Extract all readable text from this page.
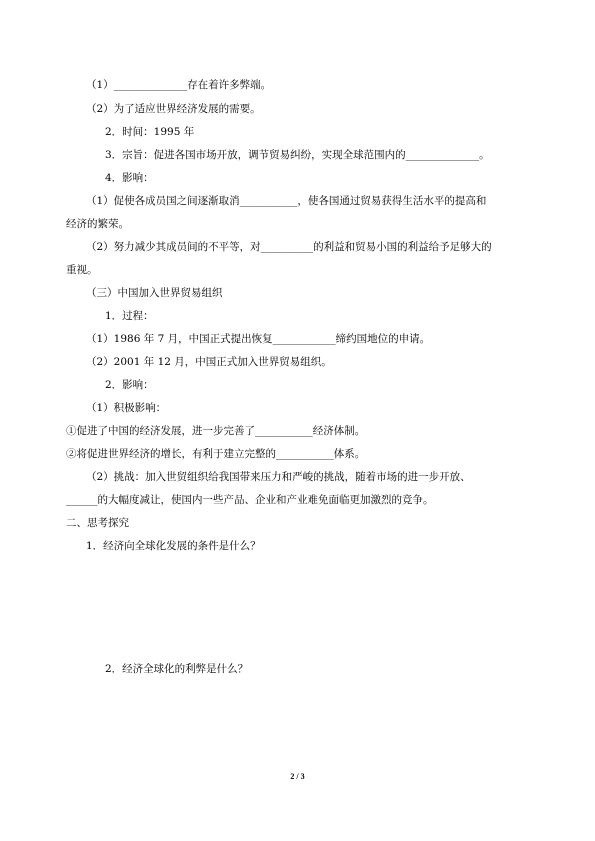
（1）______________存在着许多弊端。
（2）为了适应世界经济发展的需要。
2．时间：1995 年
3．宗旨：促进各国市场开放，调节贸易纠纷，实现全球范围内的______________。
4．影响：
（1）促使各成员国之间逐渐取消___________，使各国通过贸易获得生活水平的提高和
经济的繁荣。
（2）努力减少其成员间的不平等，对__________的利益和贸易小国的利益给予足够大的
重视。
（三）中国加入世界贸易组织
1．过程：
（1）1986 年 7 月，中国正式提出恢复____________缔约国地位的申请。
（2）2001 年 12 月，中国正式加入世界贸易组织。
2．影响：
（1）积极影响：
①促进了中国的经济发展，进一步完善了___________经济体制。
②将促进世界经济的增长，有利于建立完整的___________体系。
（2）挑战：加入世贸组织给我国带来压力和严峻的挑战，随着市场的进一步开放、
______的大幅度减让，使国内一些产品、企业和产业难免面临更加激烈的竞争。
二、思考探究
1．经济向全球化发展的条件是什么？
2．经济全球化的利弊是什么？
2 / 3
